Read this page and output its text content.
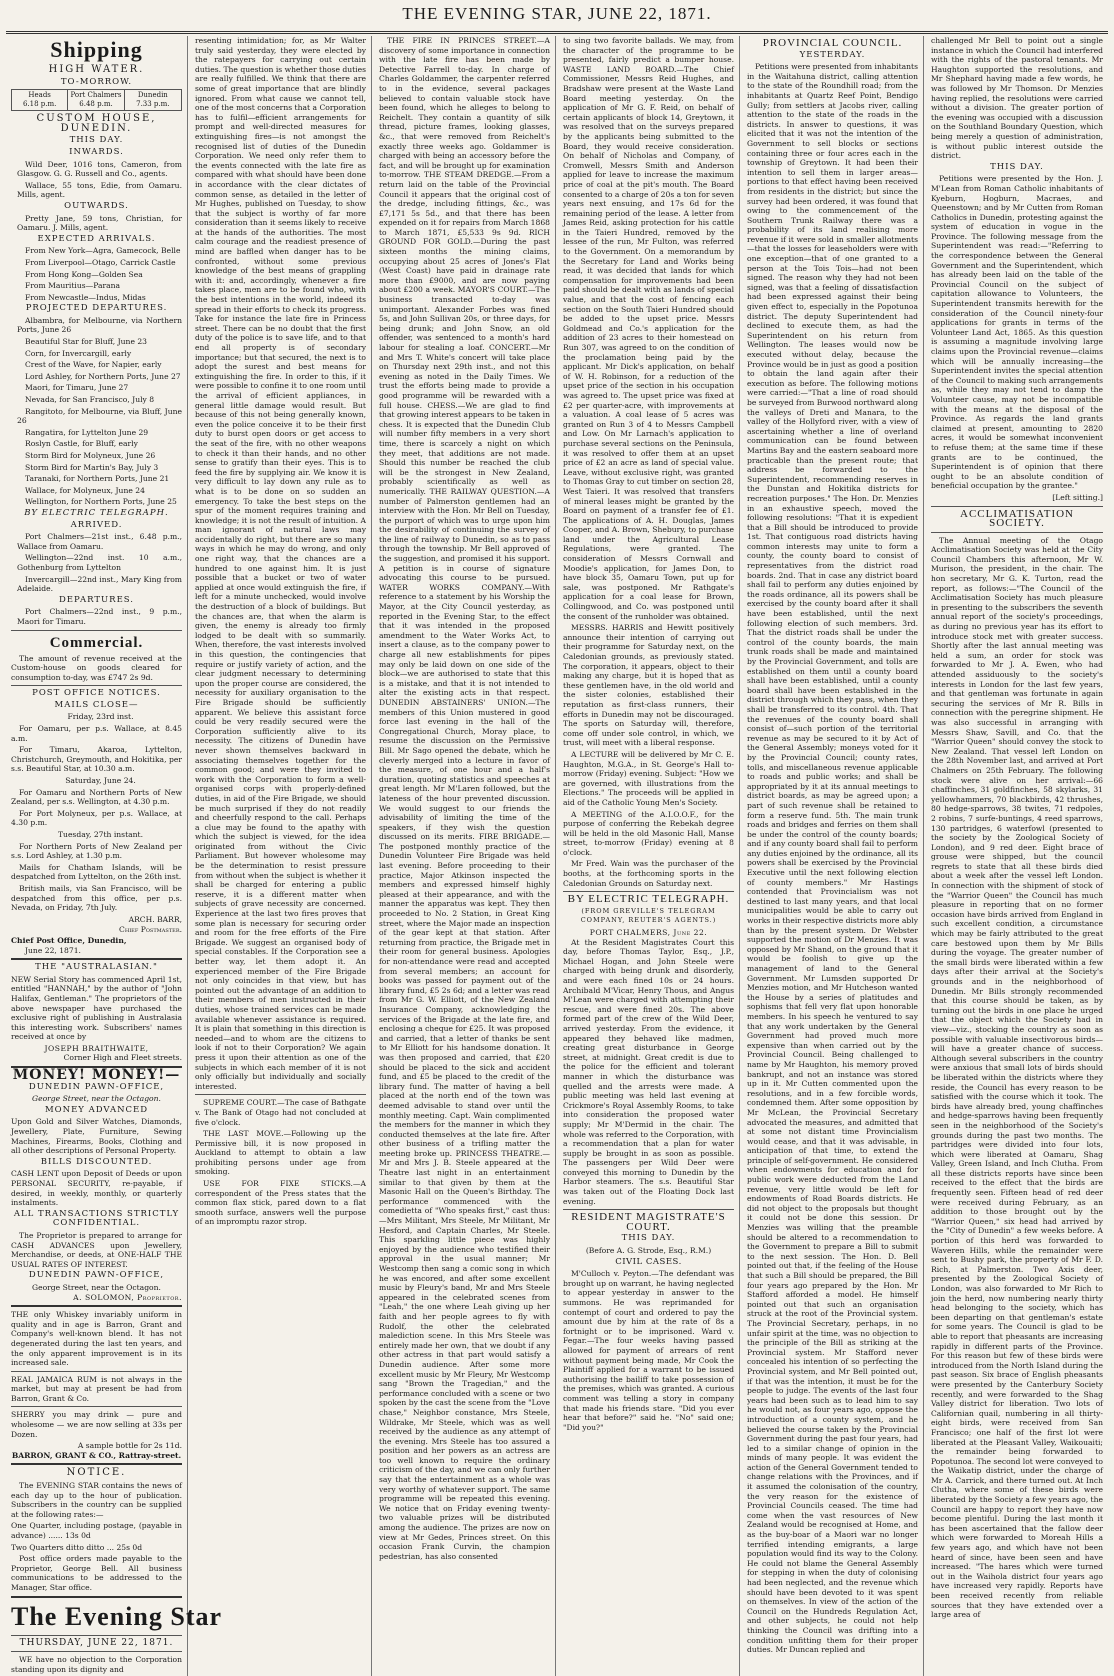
THE EVENING STAR, JUNE 22, 1871.
Shipping
HIGH WATER.
TO-MORROW.
Heads
6.18 p.m.
Port Chalmers
6.48 p.m.
Dunedin
7.33 p.m.
CUSTOM HOUSE, DUNEDIN.
THIS DAY.
INWARDS.

Wild Deer, 1016 tons, Cameron, from Glasgow. G. G. Russell and Co., agents.

Wallace, 55 tons, Edie, from Oamaru. Mills, agent.

OUTWARDS.

Pretty Jane, 59 tons, Christian, for Oamaru. J. Mills, agent.

EXPECTED ARRIVALS.

From New York—Agra, Gamecock, Belle

From Liverpool—Otago, Carrick Castle

From Hong Kong—Golden Sea

From Mauritius—Parana

From Newcastle—Indus, Midas

PROJECTED DEPARTURES.

Albambra, for Melbourne, via Northern Ports, June 26

Beautiful Star for Bluff, June 23

Corn, for Invercargill, early

Crest of the Wave, for Napier, early

Lord Ashley, for Northern Ports, June 27

Maori, for Timaru, June 27

Nevada, for San Francisco, July 8

Rangitoto, for Melbourne, via Bluff, June 26

Rangatira, for Lyttelton June 29

Roslyn Castle, for Bluff, early

Storm Bird for Molyneux, June 26

Storm Bird for Martin's Bay, July 3

Taranaki, for Northern Ports, June 21

Wallace, for Molyneux, June 24

Wellington, for Northern Ports, June 25

BY ELECTRIC TELEGRAPH.
ARRIVED.

Port Chalmers—21st inst., 6.48 p.m., Wallace from Oamaru.

Wellington—22nd inst. 10 a.m., Gothenburg from Lyttelton

Invercargill—22nd inst., Mary King from Adelaide.

DEPARTURES.

Port Chalmers—22nd inst., 9 p.m., Maori for Timaru.

Commercial.

The amount of revenue received at the Custom-house on goods cleared for consumption to-day, was £747 2s 9d.

POST OFFICE NOTICES.
MAILS CLOSE—

Friday, 23rd inst.

For Oamaru, per p.s. Wallace, at 8.45 a.m.

For Timaru, Akaroa, Lyttelton, Christchurch, Greymouth, and Hokitika, per s.s. Beautiful Star, at 10.30 a.m.

Saturday, June 24.

For Oamaru and Northern Ports of New Zealand, per s.s. Wellington, at 4.30 p.m.

For Port Molyneux, per p.s. Wallace, at 4.30 p.m.

Tuesday, 27th instant.

For Northern Ports of New Zealand per s.s. Lord Ashley, at 1.30 p.m.

Mails for Chatham Islands, will be despatched from Lyttelton, on the 26th inst.

British mails, via San Francisco, will be despatched from this office, per p.s. Nevada, on Friday, 7th July.

ARCH. BARR,
Chief Postmaster.
Chief Post Office, Dunedin,
June 22, 1871.
THE "AUSTRALASIAN."

NEW Serial Story has commenced April 1st, entitled "HANNAH," by the author of "John Halifax, Gentleman." The proprietors of the above newspaper have purchased the exclusive right of publishing in Australasia this interesting work. Subscribers' names received at once by

JOSEPH BRAITHWAITE,
Corner High and Fleet streets.
MONEY! MONEY!—
DUNEDIN PAWN-OFFICE,
George Street, near the Octagon.
MONEY ADVANCED

Upon Gold and Silver Watches, Diamonds, Jewellery, Plate, Furniture, Sewing Machines, Firearms, Books, Clothing and all other descriptions of Personal Property.

BILLS DISCOUNTED.

CASH LENT upon Deposit of Deeds or upon PERSONAL SECURITY, re-payable, if desired, in weekly, monthly, or quarterly instalments.

ALL TRANSACTIONS STRICTLY CONFIDENTIAL.

The Proprietor is prepared to arrange for CASH ADVANCES upon Jewellery, Merchandise, or deeds, at ONE-HALF THE USUAL RATES OF INTEREST.

DUNEDIN PAWN-OFFICE,
George Street, near the Octagon.
A. SOLOMON, Proprietor.

THE only Whiskey invariably uniform in quality and in age is Barron, Grant and Company's well-known blend. It has not degenerated during the last ten years, and the only apparent improvement is in its increased sale.

REAL JAMAICA RUM is not always in the market, but may at present be had from Barron, Grant & Co.

SHERRY you may drink — pure and wholesome — we are now selling at 33s per Dozen.

A sample bottle for 2s 11d.
BARRON, GRANT & CO., Rattray-street.
NOTICE.

The EVENING STAR contains the news of each day up to the hour of publication. Subscribers in the country can be supplied at the following rates:—

One Quarter, including postage, (payable in advance) ...... 13s 0d

Two Quarters ditto ditto ... 25s 0d

Post office orders made payable to the Proprietor, George Bell. All business communications to be addressed to the Manager, Star office.

The Evening Star
THURSDAY, JUNE 22, 1871.

WE have no objection to the Corporation standing upon its dignity and

resenting intimidation; for, as Mr Walter truly said yesterday, they were elected by the ratepayers for carrying out certain duties. The question is whether those duties are really fulfilled. We think that there are some of great importance that are blindly ignored. From what cause we cannot tell, one of the most concerns that a Corporation has to fulfil—efficient arrangements for prompt and well-directed measures for extinguishing fires—is not amongst the recognised list of duties of the Dunedin Corporation. We need only refer them to the events connected with the late fire as compared with what should have been done in accordance with the clear dictates of common sense, as detailed in the letter of Mr Hughes, published on Tuesday, to show that the subject is worthy of far more consideration than it seems likely to receive at the hands of the authorities. The most calm courage and the readiest presence of mind are baffled when danger has to be confronted, without some previous knowledge of the best means of grappling with it: and, accordingly, whenever a fire takes place, men are to be found who, with the best intentions in the world, indeed its spread in their efforts to check its progress. Take for instance the late fire in Princess street. There can be no doubt that the first duty of the police is to save life, and to that end all property is of secondary importance; but that secured, the next is to adopt the surest and best means for extinguishing the fire. In order to this, if it were possible to confine it to one room until the arrival of efficient appliances, in general little damage would result. But because of this not being generally known, even the police conceive it to be their first duty to burst open doors or get access to the seat of the fire, with no other weapons to check it than their hands, and no other sense to gratify than their eyes. This is to feed the fire by supplying air. We know it is very difficult to lay down any rule as to what is to be done on so sudden an emergency. To take the best steps on the spur of the moment requires training and knowledge; it is not the result of intuition. A man ignorant of natural laws may accidentally do right, but there are so many ways in which he may do wrong, and only one right way, that the chances are a hundred to one against him. It is just possible that a bucket or two of water applied at once would extinguish the fire, if left for a minute unchecked, would involve the destruction of a block of buildings. But the chances are, that when the alarm is given, the enemy is already too firmly lodged to be dealt with so summarily. When, therefore, the vast interests involved in this question, the contingencies that require or justify variety of action, and the clear judgment necessary to determining upon the proper course are considered, the necessity for auxiliary organisation to the Fire Brigade should be sufficiently apparent. We believe this assistant force could be very readily secured were the Corporation sufficiently alive to its necessity. The citizens of Dunedin have never shown themselves backward in associating themselves together for the common good; and were they invited to work with the Corporation to form a well-organised corps with properly-defined duties, in aid of the Fire Brigade, we should be much surprised if they do not readily and cheerfully respond to the call. Perhaps a clue may be found to the apathy with which the subject is viewed, for the idea originated from without the Civic Parliament. But however wholesome may be the determination to resist pressure from without when the subject is whether it shall be charged for entering a public reserve, it is a different matter when subjects of grave necessity are concerned. Experience at the last two fires proves that some plan is necessary for securing order and room for the free efforts of the Fire Brigade. We suggest an organised body of special constables. If the Corporation see a better way, let them adopt it. An experienced member of the Fire Brigade not only coincides in that view, but has pointed out the advantage of an addition to their members of men instructed in their duties, whose trained services can be made available whenever assistance is required. It is plain that something in this direction is needed—and to whom are the citizens to look if not to their Corporation? We again press it upon their attention as one of the subjects in which each member of it is not only officially but individually and socially interested.

SUPREME COURT.—The case of Bathgate v. The Bank of Otago had not concluded at five o'clock.

THE LAST MOVE.—Following up the Permissive bill, it is now proposed in Auckland to attempt to obtain a law prohibiting persons under age from smoking.

USE FOR FIXE STICKS.—A correspondent of the Press states that the common flax stick, pared down to a flat smooth surface, answers well the purpose of an impromptu razor strop.

THE FIRE IN PRINCES STREET.—A discovery of some importance in connection with the late fire has been made by Detective Farrell to-day. In charge of Charles Goldammer, the carpenter referred to in the evidence, several packages believed to contain valuable stock have been found, which he alleges to belong to Reichelt. They contain a quantity of silk thread, picture frames, looking glasses, &c., that were removed from Reichelt's exactly three weeks ago. Goldammer is charged with being an accessory before the fact, and will be brought up for examination to-morrow. THE STEAM DREDGE.—From a return laid on the table of the Provincial Council it appears that the original cost of the dredge, including fittings, &c., was £7,171 5s 5d., and that there has been expended on it for repairs from March 1868 to March 1871, £5,533 9s 9d. RICH GROUND FOR GOLD.—During the past sixteen months the mining claims, occupying about 25 acres of Jones's Flat (West Coast) have paid in drainage rate more than £9000, and are now paying about £200 a week. MAYOR'S COURT.—The business transacted to-day was unimportant. Alexander Forbes was fined 5s, and John Sullivan 20s, or three days, for being drunk; and John Snow, an old offender, was sentenced to a month's hard labour for stealing a loaf. CONCERT.—Mr and Mrs T. White's concert will take place on Thursday next 29th inst., and not this evening as noted in the Daily Times. We trust the efforts being made to provide a good programme will be rewarded with a full house. CHESS.—We are glad to find that growing interest appears to be taken in chess. It is expected that the Dunedin Club will number fifty members in a very short time, there is scarcely a night on which they meet, that additions are not made. Should this number be reached the club will be the strongest in New Zealand, probably scientifically as well as numerically. THE RAILWAY QUESTION.—A number of Palmerston gentlemen had an interview with the Hon. Mr Bell on Tuesday, the purport of which was to urge upon him the desirability of continuing the survey of the line of railway to Dunedin, so as to pass through the township. Mr Bell approved of the suggestion, and promised it his support. A petition is in course of signature advocating this course to be pursued. WATER WORKS COMPANY.—With reference to a statement by his Worship the Mayor, at the City Council yesterday, as reported in the Evening Star, to the effect that it was intended in the proposed amendment to the Water Works Act, to insert a clause, as to the company power to charge all new establishments for pipes may only be laid down on one side of the block—we are authorised to state that this is a mistake, and that it is not intended to alter the existing acts in that respect. DUNEDIN ABSTAINERS' UNION.—The members of this Union mustered in good force last evening in the hall of the Congregational Church, Moray place, to resume the discussion on the Permissive Bill. Mr Sago opened the debate, which he cleverly merged into a lecture in favor of the measure, of one hour and a half's duration, quoting statistics and speeches at great length. Mr M'Laren followed, but the lateness of the hour prevented discussion. We would suggest to our friends the advisability of limiting the time of the speakers, if they wish the question discussed on its merits. FIRE BRIGADE.—The postponed monthly practice of the Dunedin Volunteer Fire Brigade was held last evening. Before proceeding to their practice, Major Atkinson inspected the members and expressed himself highly pleased at their appearance, and with the manner the apparatus was kept. They then proceeded to No. 2 Station, in Great King street, where the Major made an inspection of the gear kept at that station. After returning from practice, the Brigade met in their room for general business. Apologies for non-attendance were read and accepted from several members; an account for books was passed for payment out of the library fund, £5 2s 6d; and a letter was read from Mr G. W. Elliott, of the New Zealand Insurance Company, acknowledging the services of the Brigade at the late fire, and enclosing a cheque for £25. It was proposed and carried, that a letter of thanks be sent to Mr Elliott for his handsome donation. It was then proposed and carried, that £20 should be placed to the sick and accident fund, and £5 be placed to the credit of the library fund. The matter of having a bell placed at the north end of the town was deemed advisable to stand over until the monthly meeting. Capt. Wain complimented the members for the manner in which they conducted themselves at the late fire. After other business of a trifling matter the meeting broke up. PRINCESS THEATRE.—Mr and Mrs J. B. Steele appeared at the Theatre last night in an entertainment similar to that given by them at the Masonic Hall on the Queen's Birthday. The performance commenced with the comedietta of "Who speaks first," cast thus:—Mrs Militant, Mrs Steele, Mr Militant, Mr Hesford, and Captain Charles, Mr Steele. This sparkling little piece was highly enjoyed by the audience who testified their approval in the usual manner; Mr Westcomp then sang a comic song in which he was encored, and after some excellent music by Fleury's band, Mr and Mrs Steele appeared in the celebrated scenes from "Leah," the one where Leah giving up her faith and her people agrees to fly with Rudolf, the other the celebrated malediction scene. In this Mrs Steele was entirely made her own, that we doubt if any other actress in that part would satisfy a Dunedin audience. After some more excellent music by Mr Fleury, Mr Westcomp sang "Brown the Tragedian," and the performance concluded with a scene or two spoken by the cast the scene from the "Love chase," Neighbor constance, Mrs Steele, Wildrake, Mr Steele, which was as well received by the audience as any attempt of the evening. Mrs Steele has too assured a position and her powers as an actress are too well known to require the ordinary criticism of the day, and we can only further say that the entertainment as a whole was very worthy of whatever support. The same programme will be repeated this evening. We notice that on Friday evening twenty-two valuable prizes will be distributed among the audience. The prizes are now on view at Mr Gedes, Princes street. On this occasion Frank Curvin, the champion pedestrian, has also consented

to sing two favorite ballads. We may, from the character of the programme to be presented, fairly predict a bumper house. WASTE LAND BOARD.—The Chief Commissioner, Messrs Reid Hughes, and Bradshaw were present at the Waste Land Board meeting yesterday. On the application of Mr G. F. Reid, on behalf of certain applicants of block 14, Greytown, it was resolved that on the surveys prepared by the applicants being submitted to the Board, they would receive consideration. On behalf of Nicholas and Company, of Cromwell, Messrs Smith and Anderson applied for leave to increase the maximum price of coal at the pit's mouth. The Board consented to a charge of 20s a ton for seven years next ensuing, and 17s 6d for the remaining period of the lease. A letter from James Reid, asking protection for his cattle in the Taieri Hundred, removed by the lessee of the run, Mr Fulton, was referred to the Government. On a memorandum by the Secretary for Land and Works being read, it was decided that lands for which compensation for improvements had been paid should be dealt with as lands of special value, and that the cost of fencing each section on the South Taieri Hundred should be added to the upset price. Messrs Goldmead and Co.'s application for the addition of 23 acres to their homestead on Run 307, was agreed to on the condition of the proclamation being paid by the applicant. Mr Dick's application, on behalf of W. H. Robinson, for a reduction of the upset price of the section in his occupation was agreed to. The upset price was fixed at £2 per quarter-acre, with improvements at a valuation. A coal lease of 5 acres was granted on Run 3 of 4 to Messrs Campbell and Low. On Mr Larnach's application to purchase several sections on the Peninsula, it was resolved to offer them at an upset price of £2 an acre as land of special value. Leave, without exclusive right, was granted to Thomas Gray to cut timber on section 28, West Taieri. It was resolved that transfers of mineral leases might be granted by the Board on payment of a transfer fee of £1. The applications of A. H. Douglas, James Cooper, and A. Brown, Shebury, to purchase land under the Agricultural Lease Regulations, were granted. The consideration of Messrs Cornwall and Moodie's application, for James Don, to have block 35, Oamaru Town, put up for sale, was postponed. Mr Rathgate's application for a coal lease for Brown, Collingwood, and Co. was postponed until the consent of the runholder was obtained.

MESSRS. HARRIS and Hewitt positively announce their intention of carrying out their programme for Saturday next, on the Caledonian grounds, as previously stated. The corporation, it appears, object to their making any charge, but it is hoped that as these gentlemen have, in the old world and the sister colonies, established their reputation as first-class runners, their efforts in Dunedin may not be discouraged. The sports on Saturday will, therefore, come off under sole control, in which, we trust, will meet with a liberal response.

A LECTURE will be delivered by Mr C. E. Haughton, M.G.A., in St. George's Hall to-morrow (Friday) evening. Subject: "How we are governed, with illustrations from the Elections." The proceeds will be applied in aid of the Catholic Young Men's Society.

A MEETING of the A.I.O.O.F., for the purpose of conferring the Rebekah degree will be held in the old Masonic Hall, Manse street, to-morrow (Friday) evening at 8 o'clock.

Mr Fred. Wain was the purchaser of the booths, at the forthcoming sports in the Caledonian Grounds on Saturday next.

BY ELECTRIC TELEGRAPH.
(FROM GREVILLE'S TELEGRAM COMPANY, REUTER'S AGENTS.)
PORT CHALMERS, June 22.

At the Resident Magistrates Court this day, before Thomas Taylor, Esq., J.P., Michael Hogan, and John Steele were charged with being drunk and disorderly, and were each fined 10s or 24 hours. Archibald M'Vicar, Henry Thous, and Angus M'Lean were charged with attempting their rescue, and were fined 20s. The above formed part of the crew of the Wild Deer, arrived yesterday. From the evidence, it appeared they behaved like madmen, creating great disturbance in George street, at midnight. Great credit is due to the police for the efficient and tolerant manner in which the disturbance was quelled and the arrests were made. A public meeting was held last evening at Crickmore's Royal Assembly Rooms, to take into consideration the proposed water supply; Mr M'Dermid in the chair. The whole was referred to the Corporation, with a recommendation that a plan for water supply be brought in as soon as possible. The passengers per Wild Deer were conveyed this morning to Dunedin by the Harbor steamers. The s.s. Beautiful Star was taken out of the Floating Dock last evening.

RESIDENT MAGISTRATE'S COURT.
THIS DAY.
(Before A. G. Strode, Esq., R.M.)
CIVIL CASES.

M'Culloch v. Peyton.—The defendant was brought up on warrant, he having neglected to appear yesterday in answer to the summons. He was reprimanded for contempt of court and ordered to pay the amount due by him at the rate of 8s a fortnight or to be imprisoned. Ward v. Fegar.—The four weeks having passed allowed for payment of arrears of rent without payment being made, Mr Cook the Plaintiff applied for a warrant to be issued authorising the bailiff to take possession of the premises, which was granted. A curious comment was telling a story in company that made his friends stare. "Did you ever hear that before?" said he. "No" said one; "Did you?"

PROVINCIAL COUNCIL.
YESTERDAY.

Petitions were presented from inhabitants in the Waitahuna district, calling attention to the state of the Roundhill road; from the inhabitants at Quartz Reef Point, Bendigo Gully; from settlers at Jacobs river, calling attention to the state of the roads in the districts. In answer to questions, it was elicited that it was not the intention of the Government to sell blocks or sections containing three or four acres each in the township of Greytown. It had been their intention to sell them in larger areas—portions to that effect having been received from residents in the district; but since the survey had been ordered, it was found that owing to the commencement of the Southern Trunk Railway there was a probability of its land realising more revenue if it were sold in smaller allotments—that the losses for leaseholders were with one exception—that of one granted to a person at the Tois Tois—had not been signed. The reason why they had not been signed, was that a feeling of dissatisfaction had been expressed against their being given effect to, especially in the Popotunoa district. The deputy Superintendent had declined to execute them, as had the Superintendent on his return from Wellington. The leases would now be executed without delay, because the Province would be in just as good a position to obtain the land again after their execution as before. The following motions were carried:—"That a line of road should be surveyed from Burwood northward along the valleys of Dreti and Manara, to the valley of the Hollyford river, with a view of ascertaining whether a line of overland communication can be found between Martins Bay and the eastern seaboard more practicable than the present route; that address be forwarded to the Superintendent, recommending reserves in the Dunstan and Hokitika districts for recreation purposes." The Hon. Dr. Menzies in an exhaustive speech, moved the following resolutions: "That it is expedient that a Bill should be introduced to provide 1st. That contiguous road districts having common interests may unite to form a county, the county board to consist of representatives from the district road boards. 2nd. That in case any district board shall fail to perform any duties enjoined by the roads ordinance, all its powers shall be exercised by the county board after it shall have been established, until the next following election of such members. 3rd. That the district roads shall be under the control of the county boards, the main trunk roads shall be made and maintained by the Provincial Government, and tolls are established on them until a county board shall have been established, until a county board shall have been established in the district through which they pass, when they shall be transferred to its control. 4th. That the revenues of the county board shall consist of—such portion of the territorial revenue as may be secured to it by Act of the General Assembly; moneys voted for it by the Provincial Council; county rates, tolls, and miscellaneous revenue applicable to roads and public works; and shall be appropriated by it at its annual meetings to district boards, as may be agreed upon; a part of such revenue shall be retained to form a reserve fund. 5th. The main trunk roads and bridges and ferries on them shall be under the control of the county boards; and if any county board shall fail to perform any duties enjoined by the ordinance, all its powers shall be exercised by the Provincial Executive until the next following election of county members." Mr Hastings contended that Provincialism was not destined to last many years, and that local municipalities would be able to carry out works in their respective districts more ably than by the present system. Dr Webster supported the motion of Dr Menzies. It was opposed by Mr Shand, on the ground that it would be foolish to give up the management of land to the General Government. Mr Lumsden supported Dr Menzies motion, and Mr Hutcheson wanted the House by a series of platitudes and sophisms that fell very flat upon honorable members. In his speech he ventured to say that any work undertaken by the General Government had proved much more expensive than when carried out by the Provincial Council. Being challenged to name by Mr Haughton, his memory proved bankrupt, and not an instance was stored up in it. Mr Cutten commented upon the resolutions, and in a few forcible words, condemned them. After some opposition by Mr McLean, the Provincial Secretary advocated the measures, and admitted that at some not distant time Provincialism would cease, and that it was advisable, in anticipation of that time, to extend the principle of self-government. He considered when endowments for education and for public work were deducted from the Land revenue, very little would be left for endowments of Road Boards districts. He did not object to the proposals but thought it could not be done this session. Dr Menzies was willing that the preamble should be altered to a recommendation to the Government to prepare a Bill to submit to the next session. The Hon. D. Bell pointed out that, if the feeling of the House that such a Bill should be prepared, the Bill four years ago prepared by the Hon. Mr Stafford afforded a model. He himself pointed out that such an organisation struck at the root of the Provincial system. The Provincial Secretary, perhaps, in no unfair spirit at the time, was no objection to the principle of the Bill as striking at the Provincial system. Mr Stafford never concealed his intention of so perfecting the Provincial system, and Mr Bell pointed out, if that was the intention, it must be for the people to judge. The events of the last four years had been such as to lead him to say he would not, as four years ago, oppose the introduction of a county system, and he believed the course taken by the Provincial Government during the past four years, had led to a similar change of opinion in the minds of many people. It was evident the action of the General Government tended to change relations with the Provinces, and if it assumed the colonisation of the country, the very reason for the existence of Provincial Councils ceased. The time had come when the vast resources of New Zealand would be recognised at Home, and as the buy-boar of a Maori war no longer terrified intending emigrants, a large population would find its way to the Colony. He could not blame the General Assembly for stepping in when the duty of colonising had been neglected, and the revenue which should have been devoted to it was spent on themselves. In view of the action of the Council on the Hundreds Regulation Act, and other subjects, he could not help thinking the Council was drifting into a condition unfitting them for their proper duties. Mr Duncan replied and

challenged Mr Bell to point out a single instance in which the Council had interfered with the rights of the pastoral tenants. Mr Haughton supported the resolutions, and Mr Shephard having made a few words, he was followed by Mr Thomson. Dr Menzies having replied, the resolutions were carried without a division. The greater portion of the evening was occupied with a discussion on the Southland Boundary Question, which being merely a question of administration, is without public interest outside the district.

THIS DAY.

Petitions were presented by the Hon. J. M'Lean from Roman Catholic inhabitants of Kyeburn, Hogburn, Macraes, and Queenstown; and by Mr Cutten from Roman Catholics in Dunedin, protesting against the system of education in vogue in the Province. The following message from the Superintendent was read:—"Referring to the correspondence between the General Government and the Superintendent, which has already been laid on the table of the Provincial Council on the subject of capitation allowance to Volunteers, the Superintendent transmits herewith for the consideration of the Council ninety-four applications for grants in terms of the Volunteer Land Act, 1865. As this question is assuming a magnitude involving large claims upon the Provincial revenue—claims which will be annually increasing—the Superintendent invites the special attention of the Council to making such arrangements as, while they may not tend to damp the Volunteer cause, may not be incompatible with the means at the disposal of the Province. As regards the land grants claimed at present, amounting to 2820 acres, it would be somewhat inconvenient to refuse them; at the same time if these grants are to be continued, the Superintendent is of opinion that there ought to be an absolute condition of beneficial occupation by the grantee."

[Left sitting.]
ACCLIMATISATION SOCIETY.

The Annual meeting of the Otago Acclimatisation Society was held at the City Council Chambers this afternoon, Mr W. Murison, the president, in the chair. The hon secretary, Mr G. K. Turton, read the report, as follows:—"The Council of the Acclimatisation Society has much pleasure in presenting to the subscribers the seventh annual report of the society's proceedings, as during no previous year has its effort to introduce stock met with greater success. Shortly after the last annual meeting was held a sum, an order for stock was forwarded to Mr J. A. Ewen, who had attended assiduously to the society's interests in London for the last few years, and that gentleman was fortunate in again securing the services of Mr R. Bills in connection with the peregrine shipment. He was also successful in arranging with Messrs Shaw, Savill, and Co. that the "Warrior Queen" should convey the stock to New Zealand. That vessel left London on the 28th November last, and arrived at Port Chalmers on 25th February. The following stock were alive on her arrival:—66 chaffinches, 31 goldfinches, 58 skylarks, 31 yellowhammers, 70 blackbirds, 42 thrushes, 80 hedge-sparrows, 38 twites, 71 redpoles, 2 robins, 7 surfe-buntings, 4 reed sparrows, 130 partridges, 6 waterfowl (presented to the society by the Zoological Society of London), and 9 red deer. Eight brace of grouse were shipped, but the council regrets to state that all these birds died about a week after the vessel left London. In connection with the shipment of stock of the "Warrior Queen" the Council has much pleasure in reporting that on no former occasion have birds arrived from England in such excellent condition, a circumstance which may be fairly attributed to the great care bestowed upon them by Mr Bills during the voyage. The greater number of the small birds were liberated within a few days after their arrival at the Society's grounds and in the neighborhood of Dunedin. Mr Bills strongly recommended that this course should be taken, as by turning out the birds in one place he urged that the object which the Society had in view—viz., stocking the country as soon as possible with valuable insectivorous birds—will have a greater chance of success. Although several subscribers in the country were anxious that small lots of birds should be liberated within the districts where they reside, the Council has every reason to be satisfied with the course which it took. The birds have already bred, young chaffinches and hedge-sparrows having been frequently seen in the neighborhood of the Society's grounds during the past two months. The partridges were divided into four lots, which were liberated at Oamaru, Shag Valley, Green Island, and Inch Clutha. From all these districts reports have since been received to the effect that the birds are frequently seen. Fifteen head of red deer were received during February, as an addition to those brought out by the "Warrior Queen," six head had arrived by the "City of Dunedin" a few weeks before. A portion of this herd was forwarded to Waveren Hills, while the remainder were sent to Bushy park, the property of Mr F. D. Rich, at Palmerston. Two Axis deer, presented by the Zoological Society of London, was also forwarded to Mr Rich to join the herd, now numbering nearly thirty head belonging to the society, which has been departing on that gentleman's estate for some years. The Council is glad to be able to report that pheasants are increasing rapidly in different parts of the Province. For this reason but few of these birds were introduced from the North Island during the past season. Six brace of English pheasants were presented by the Canterbury Society recently, and were forwarded to the Shag Valley district for liberation. Two lots of Californian quail, numbering in all thirty-eight birds, were received from San Francisco; one half of the first lot were liberated at the Pleasant Valley, Waikouaiti; the remainder being forwarded to Popotunoa. The second lot were conveyed to the Waikatip district, under the charge of Mr A. Carrick, and there turned out. At Inch Clutha, where some of these birds were liberated by the Society a few years ago, the Council are happy to report they have now become plentiful. During the last month it has been ascertained that the fallow deer which were forwarded to Moreah Hills a few years ago, and which have not been heard of since, have been seen and have increased. "The hares which were turned out in the Waihola district four years ago have increased very rapidly. Reports have been received recently from reliable sources that they have extended over a large area of
